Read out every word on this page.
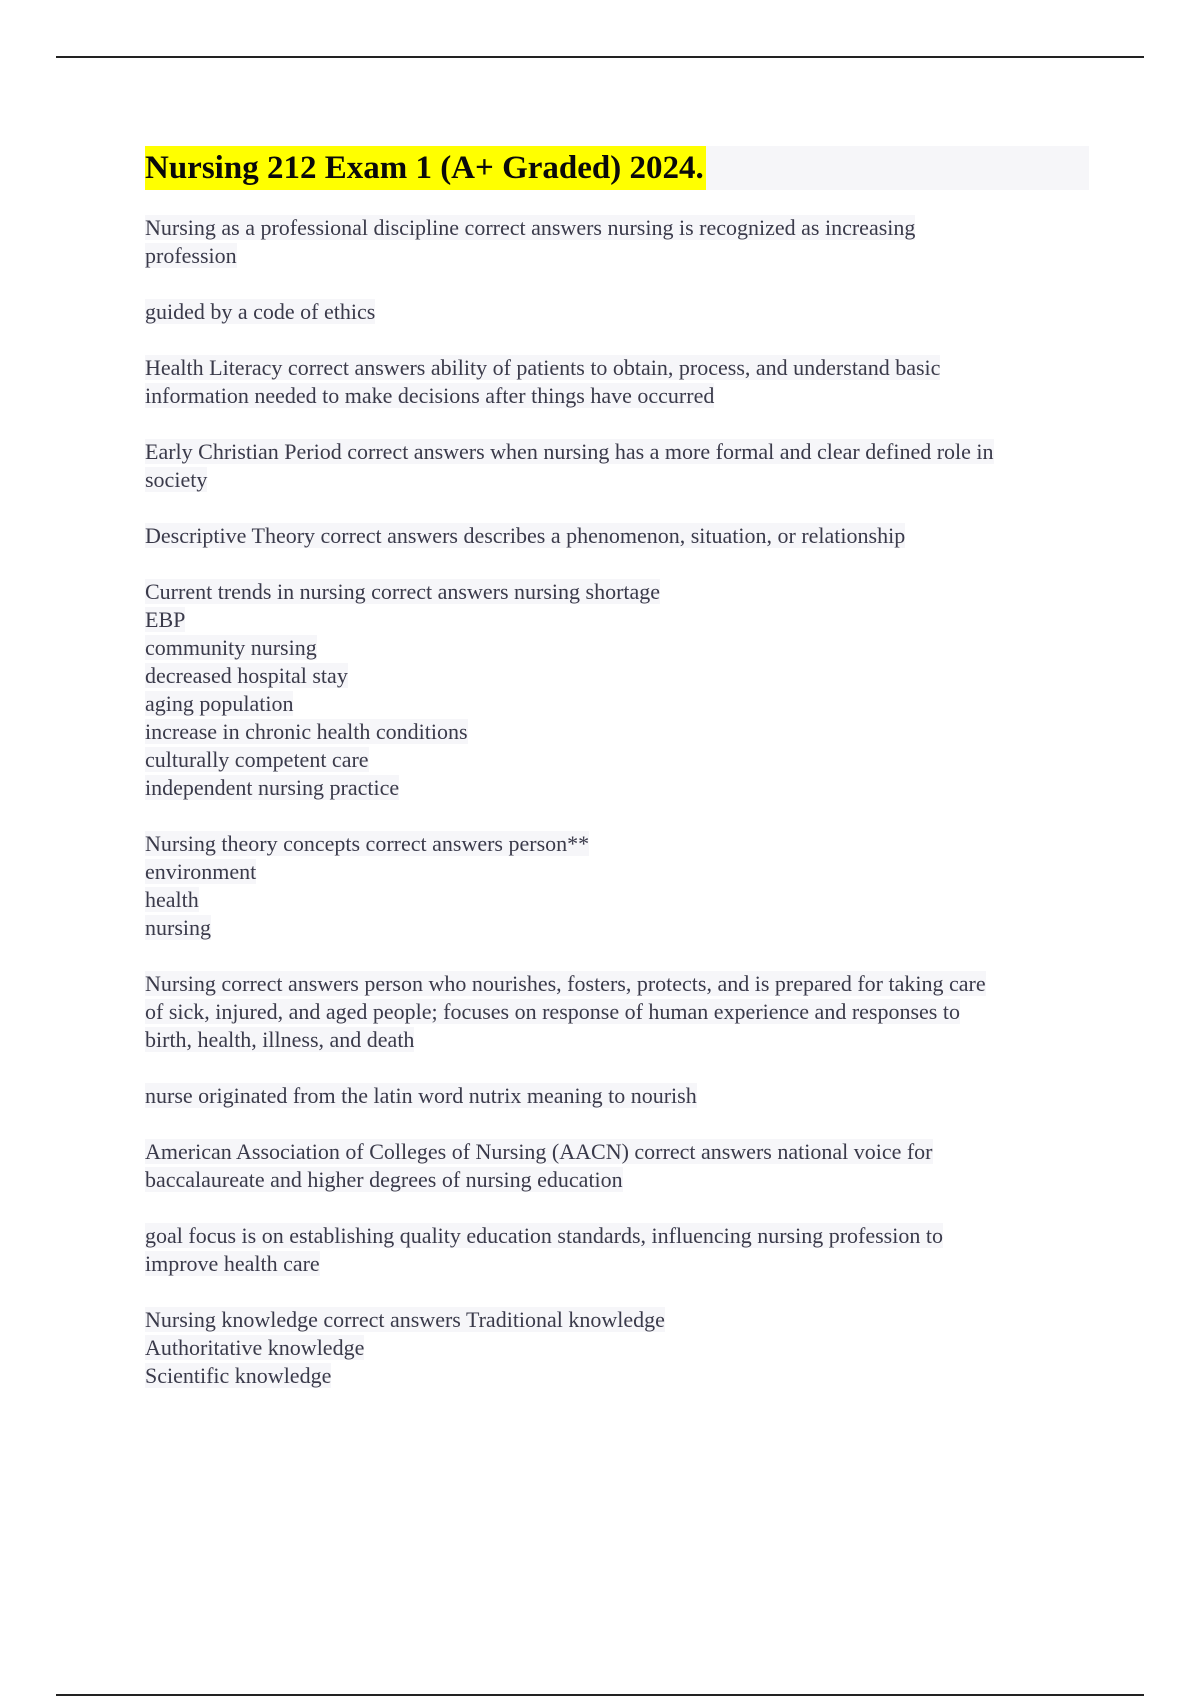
Nursing 212 Exam 1 (A+ Graded) 2024.
Nursing as a professional discipline correct answers nursing is recognized as increasing
profession
guided by a code of ethics
Health Literacy correct answers ability of patients to obtain, process, and understand basic
information needed to make decisions after things have occurred
Early Christian Period correct answers when nursing has a more formal and clear defined role in
society
Descriptive Theory correct answers describes a phenomenon, situation, or relationship
Current trends in nursing correct answers nursing shortage
EBP
community nursing
decreased hospital stay
aging population
increase in chronic health conditions
culturally competent care
independent nursing practice
Nursing theory concepts correct answers person**
environment
health
nursing
Nursing correct answers person who nourishes, fosters, protects, and is prepared for taking care
of sick, injured, and aged people; focuses on response of human experience and responses to
birth, health, illness, and death
nurse originated from the latin word nutrix meaning to nourish
American Association of Colleges of Nursing (AACN) correct answers national voice for
baccalaureate and higher degrees of nursing education
goal focus is on establishing quality education standards, influencing nursing profession to
improve health care
Nursing knowledge correct answers Traditional knowledge
Authoritative knowledge
Scientific knowledge
